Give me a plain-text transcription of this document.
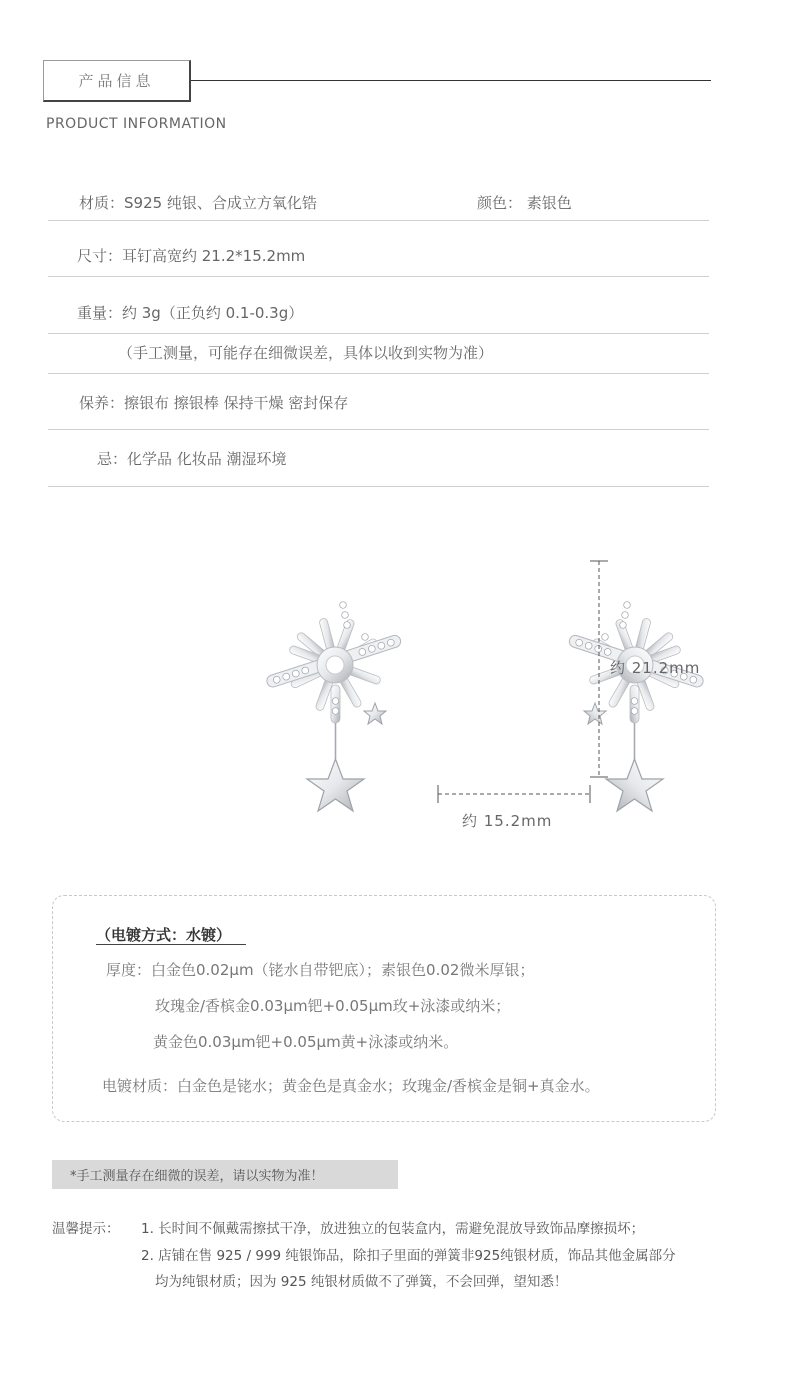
产品信息
PRODUCT INFORMATION
材质：S925 纯银、合成立方氧化锆	颜色： 素银色
尺寸：耳钉高宽约 21.2*15.2mm
重量：约 3g（正负约 0.1-0.3g）
（手工测量，可能存在细微误差，具体以收到实物为准）
保养：擦银布 擦银棒 保持干燥 密封保存
忌：化学品 化妆品 潮湿环境
约 21.2mm
约 15.2mm
（电镀方式：水镀）
厚度：白金色0.02μm（铑水自带钯底）；素银色0.02微米厚银；
玫瑰金/香槟金0.03μm钯+0.05μm玫+泳漆或纳米；
黄金色0.03μm钯+0.05μm黄+泳漆或纳米。
电镀材质：白金色是铑水；黄金色是真金水；玫瑰金/香槟金是铜+真金水。
*手工测量存在细微的误差，请以实物为准！
温馨提示： 1. 长时间不佩戴需擦拭干净，放进独立的包装盒内，需避免混放导致饰品摩擦损坏；
2. 店铺在售 925 / 999 纯银饰品，除扣子里面的弹簧非925纯银材质，饰品其他金属部分
均为纯银材质；因为 925 纯银材质做不了弹簧，不会回弹，望知悉！
